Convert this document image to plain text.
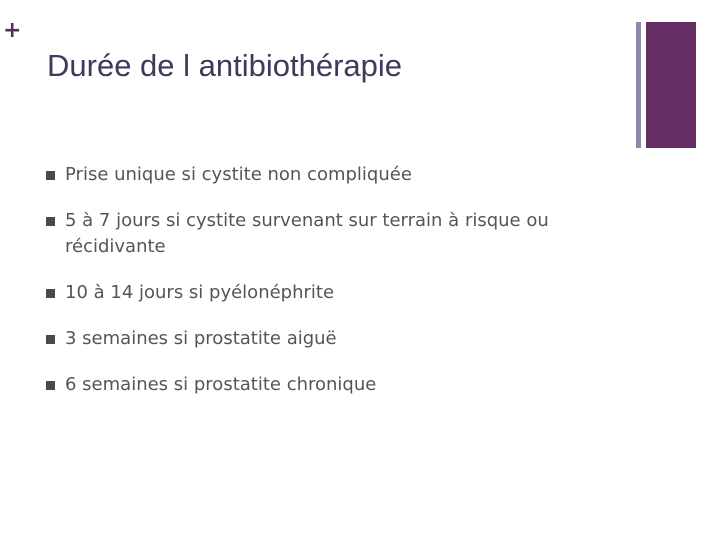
+
Durée de l antibiothérapie
Prise unique si cystite non compliquée
5 à 7 jours si cystite survenant sur terrain à risque ou récidivante
10 à 14 jours si pyélonéphrite
3 semaines si prostatite aiguë
6 semaines si prostatite chronique
